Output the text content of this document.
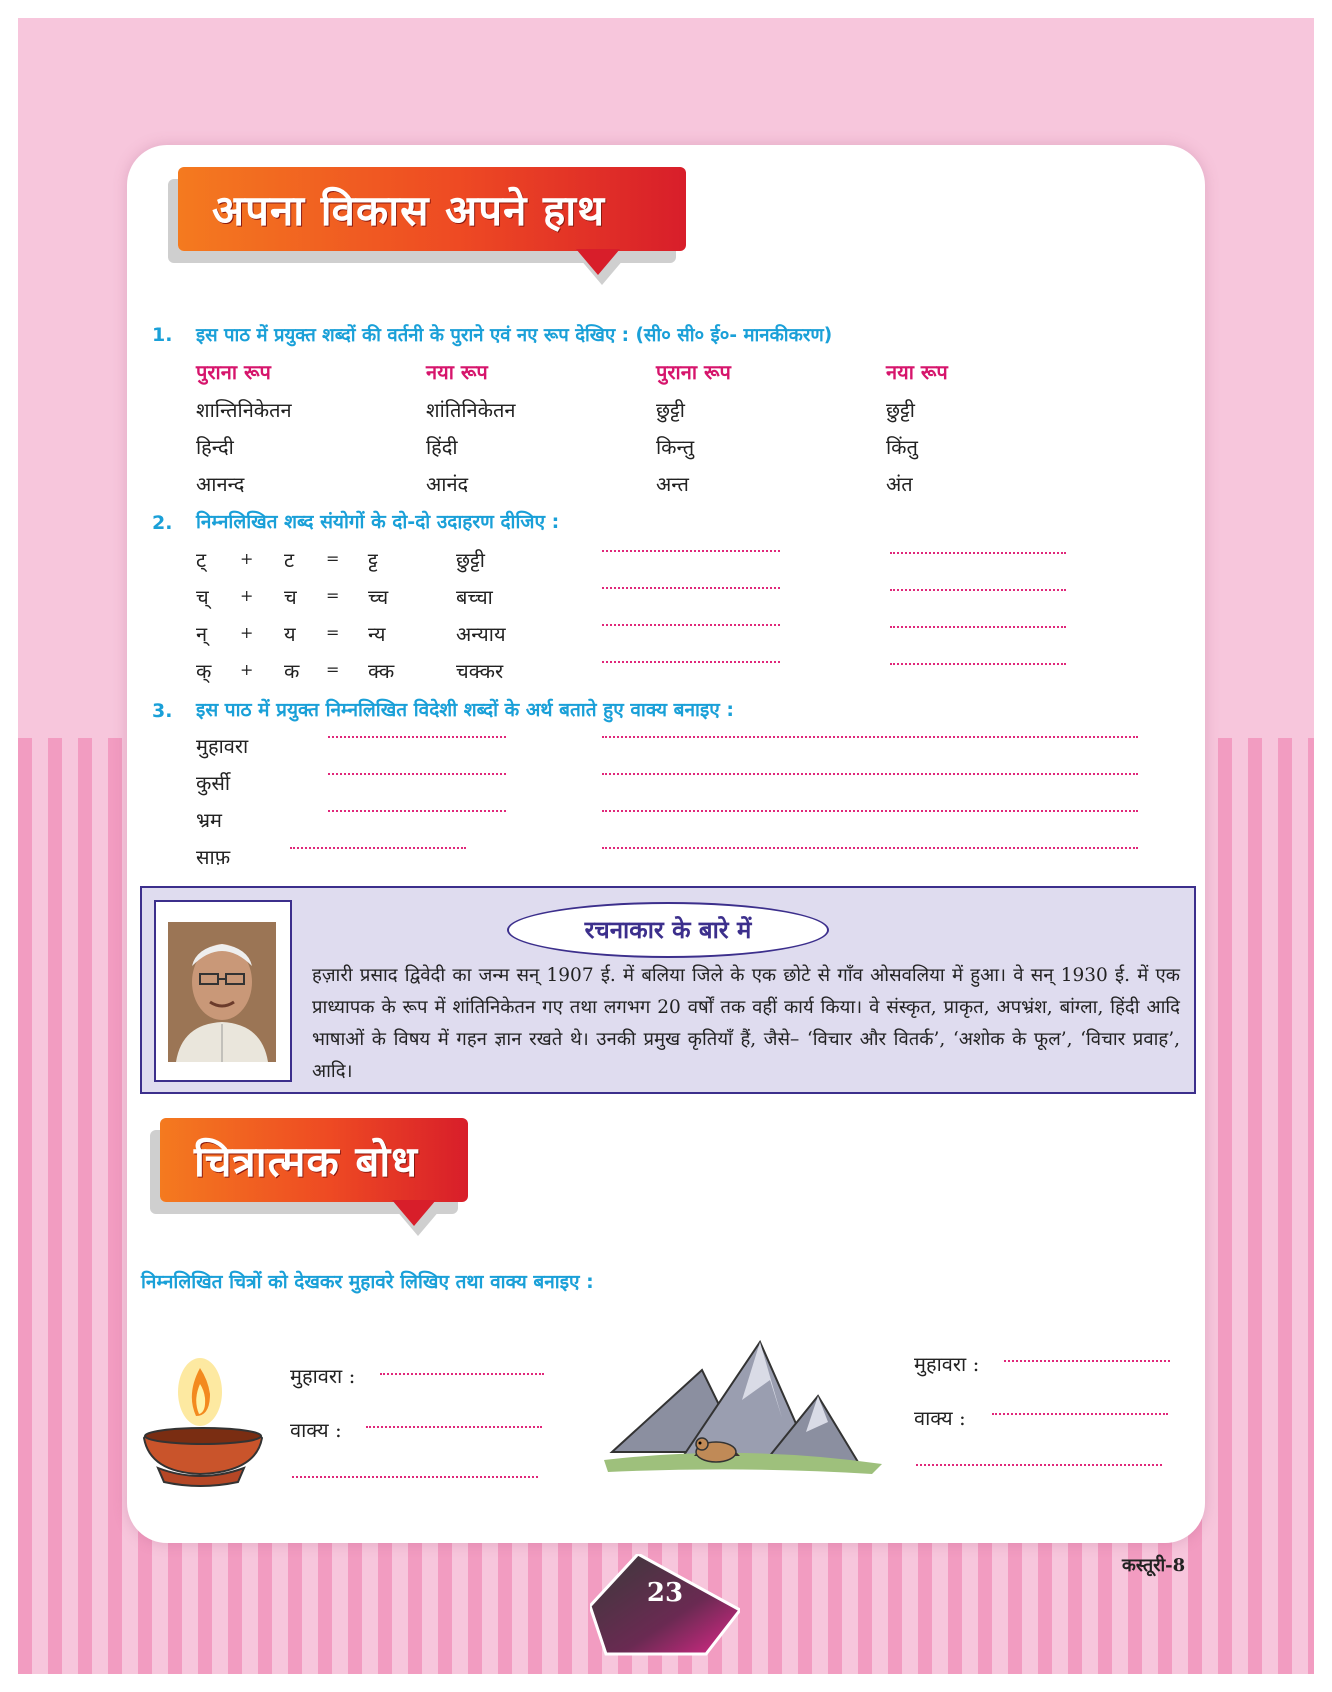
अपना विकास अपने हाथ
1. इस पाठ में प्रयुक्त शब्दों की वर्तनी के पुराने एवं नए रूप देखिए : (सी० सी० ई०- मानकीकरण)
पुराना रूप	नया रूप	पुराना रूप	नया रूप
शान्तिनिकेतन	शांतिनिकेतन	छुट्टी	छुट्टी
हिन्दी	हिंदी	किन्तु	किंतु
आनन्द	आनंद	अन्त	अंत
2. निम्नलिखित शब्द संयोगों के दो-दो उदाहरण दीजिए :
ट् + ट = ट्ट	छुट्टी
च् + च = च्च	बच्चा
न् + य = न्य	अन्याय
क् + क = क्क	चक्कर
3. इस पाठ में प्रयुक्त निम्नलिखित विदेशी शब्दों के अर्थ बताते हुए वाक्य बनाइए :
मुहावरा
कुर्सी
भ्रम
साफ़
रचनाकार के बारे में
हज़ारी प्रसाद द्विवेदी का जन्म सन् 1907 ई. में बलिया जिले के एक छोटे से गाँव ओसवलिया में हुआ। वे सन् 1930 ई. में एक प्राध्यापक के रूप में शांतिनिकेतन गए तथा लगभग 20 वर्षों तक वहीं कार्य किया। वे संस्कृत, प्राकृत, अपभ्रंश, बांग्ला, हिंदी आदि भाषाओं के विषय में गहन ज्ञान रखते थे। उनकी प्रमुख कृतियाँ हैं, जैसे– ‘विचार और वितर्क’, ‘अशोक के फूल’, ‘विचार प्रवाह’, आदि।
चित्रात्मक बोध
निम्नलिखित चित्रों को देखकर मुहावरे लिखिए तथा वाक्य बनाइए :
मुहावरा :
वाक्य :
मुहावरा :
वाक्य :
23
कस्तूरी-8
